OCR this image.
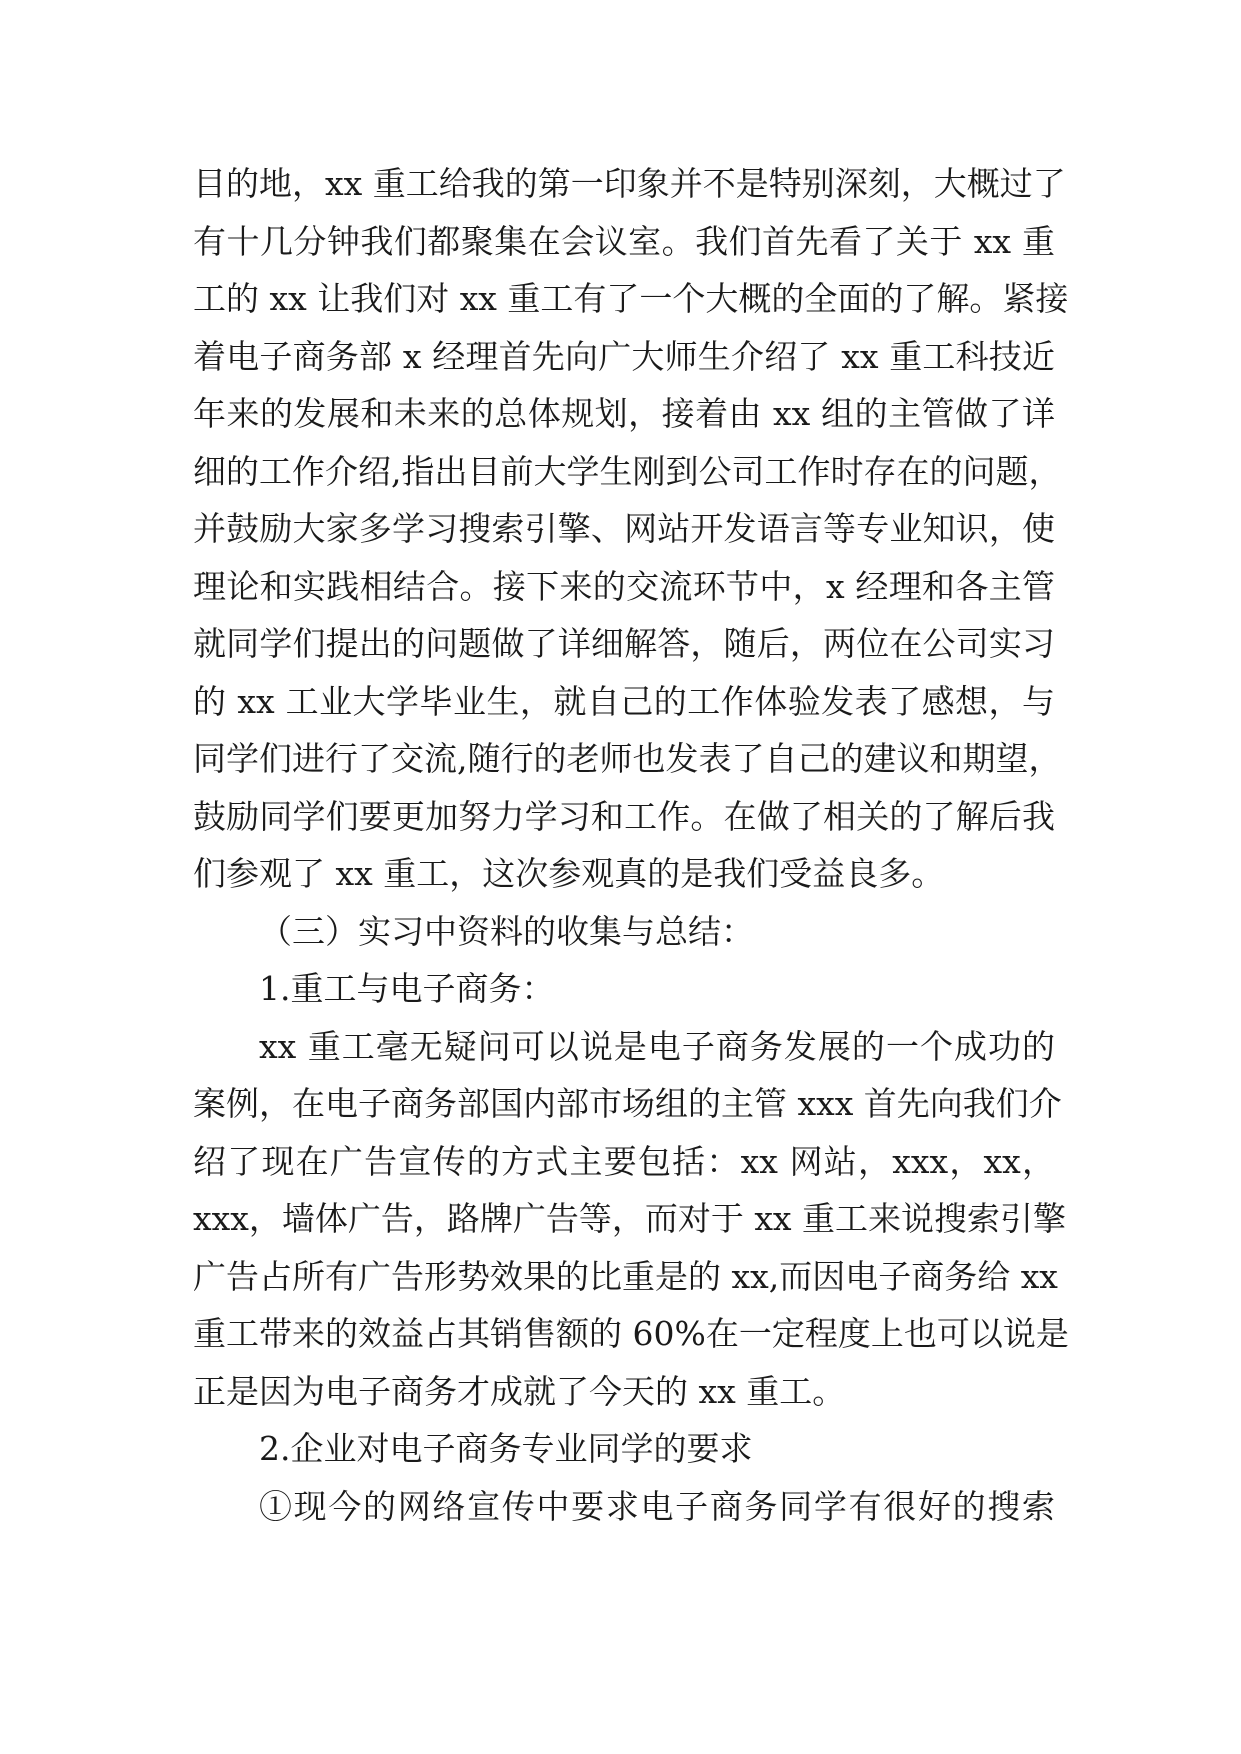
目的地，xx 重工给我的第一印象并不是特别深刻，大概过了
有十几分钟我们都聚集在会议室。我们首先看了关于 xx 重
工的 xx 让我们对 xx 重工有了一个大概的全面的了解。紧接
着电子商务部 x 经理首先向广大师生介绍了 xx 重工科技近
年来的发展和未来的总体规划，接着由 xx 组的主管做了详
细的工作介绍,指出目前大学生刚到公司工作时存在的问题，
并鼓励大家多学习搜索引擎、网站开发语言等专业知识，使
理论和实践相结合。接下来的交流环节中，x 经理和各主管
就同学们提出的问题做了详细解答，随后，两位在公司实习
的 xx 工业大学毕业生，就自己的工作体验发表了感想，与
同学们进行了交流,随行的老师也发表了自己的建议和期望，
鼓励同学们要更加努力学习和工作。在做了相关的了解后我
们参观了 xx 重工，这次参观真的是我们受益良多。
（三）实习中资料的收集与总结：
1.重工与电子商务：
xx 重工毫无疑问可以说是电子商务发展的一个成功的
案例，在电子商务部国内部市场组的主管 xxx 首先向我们介
绍了现在广告宣传的方式主要包括：xx 网站，xxx，xx，
xxx，墙体广告，路牌广告等，而对于 xx 重工来说搜索引擎
广告占所有广告形势效果的比重是的 xx,而因电子商务给 xx
重工带来的效益占其销售额的 60%在一定程度上也可以说是
正是因为电子商务才成就了今天的 xx 重工。
2.企业对电子商务专业同学的要求
①现今的网络宣传中要求电子商务同学有很好的搜索
